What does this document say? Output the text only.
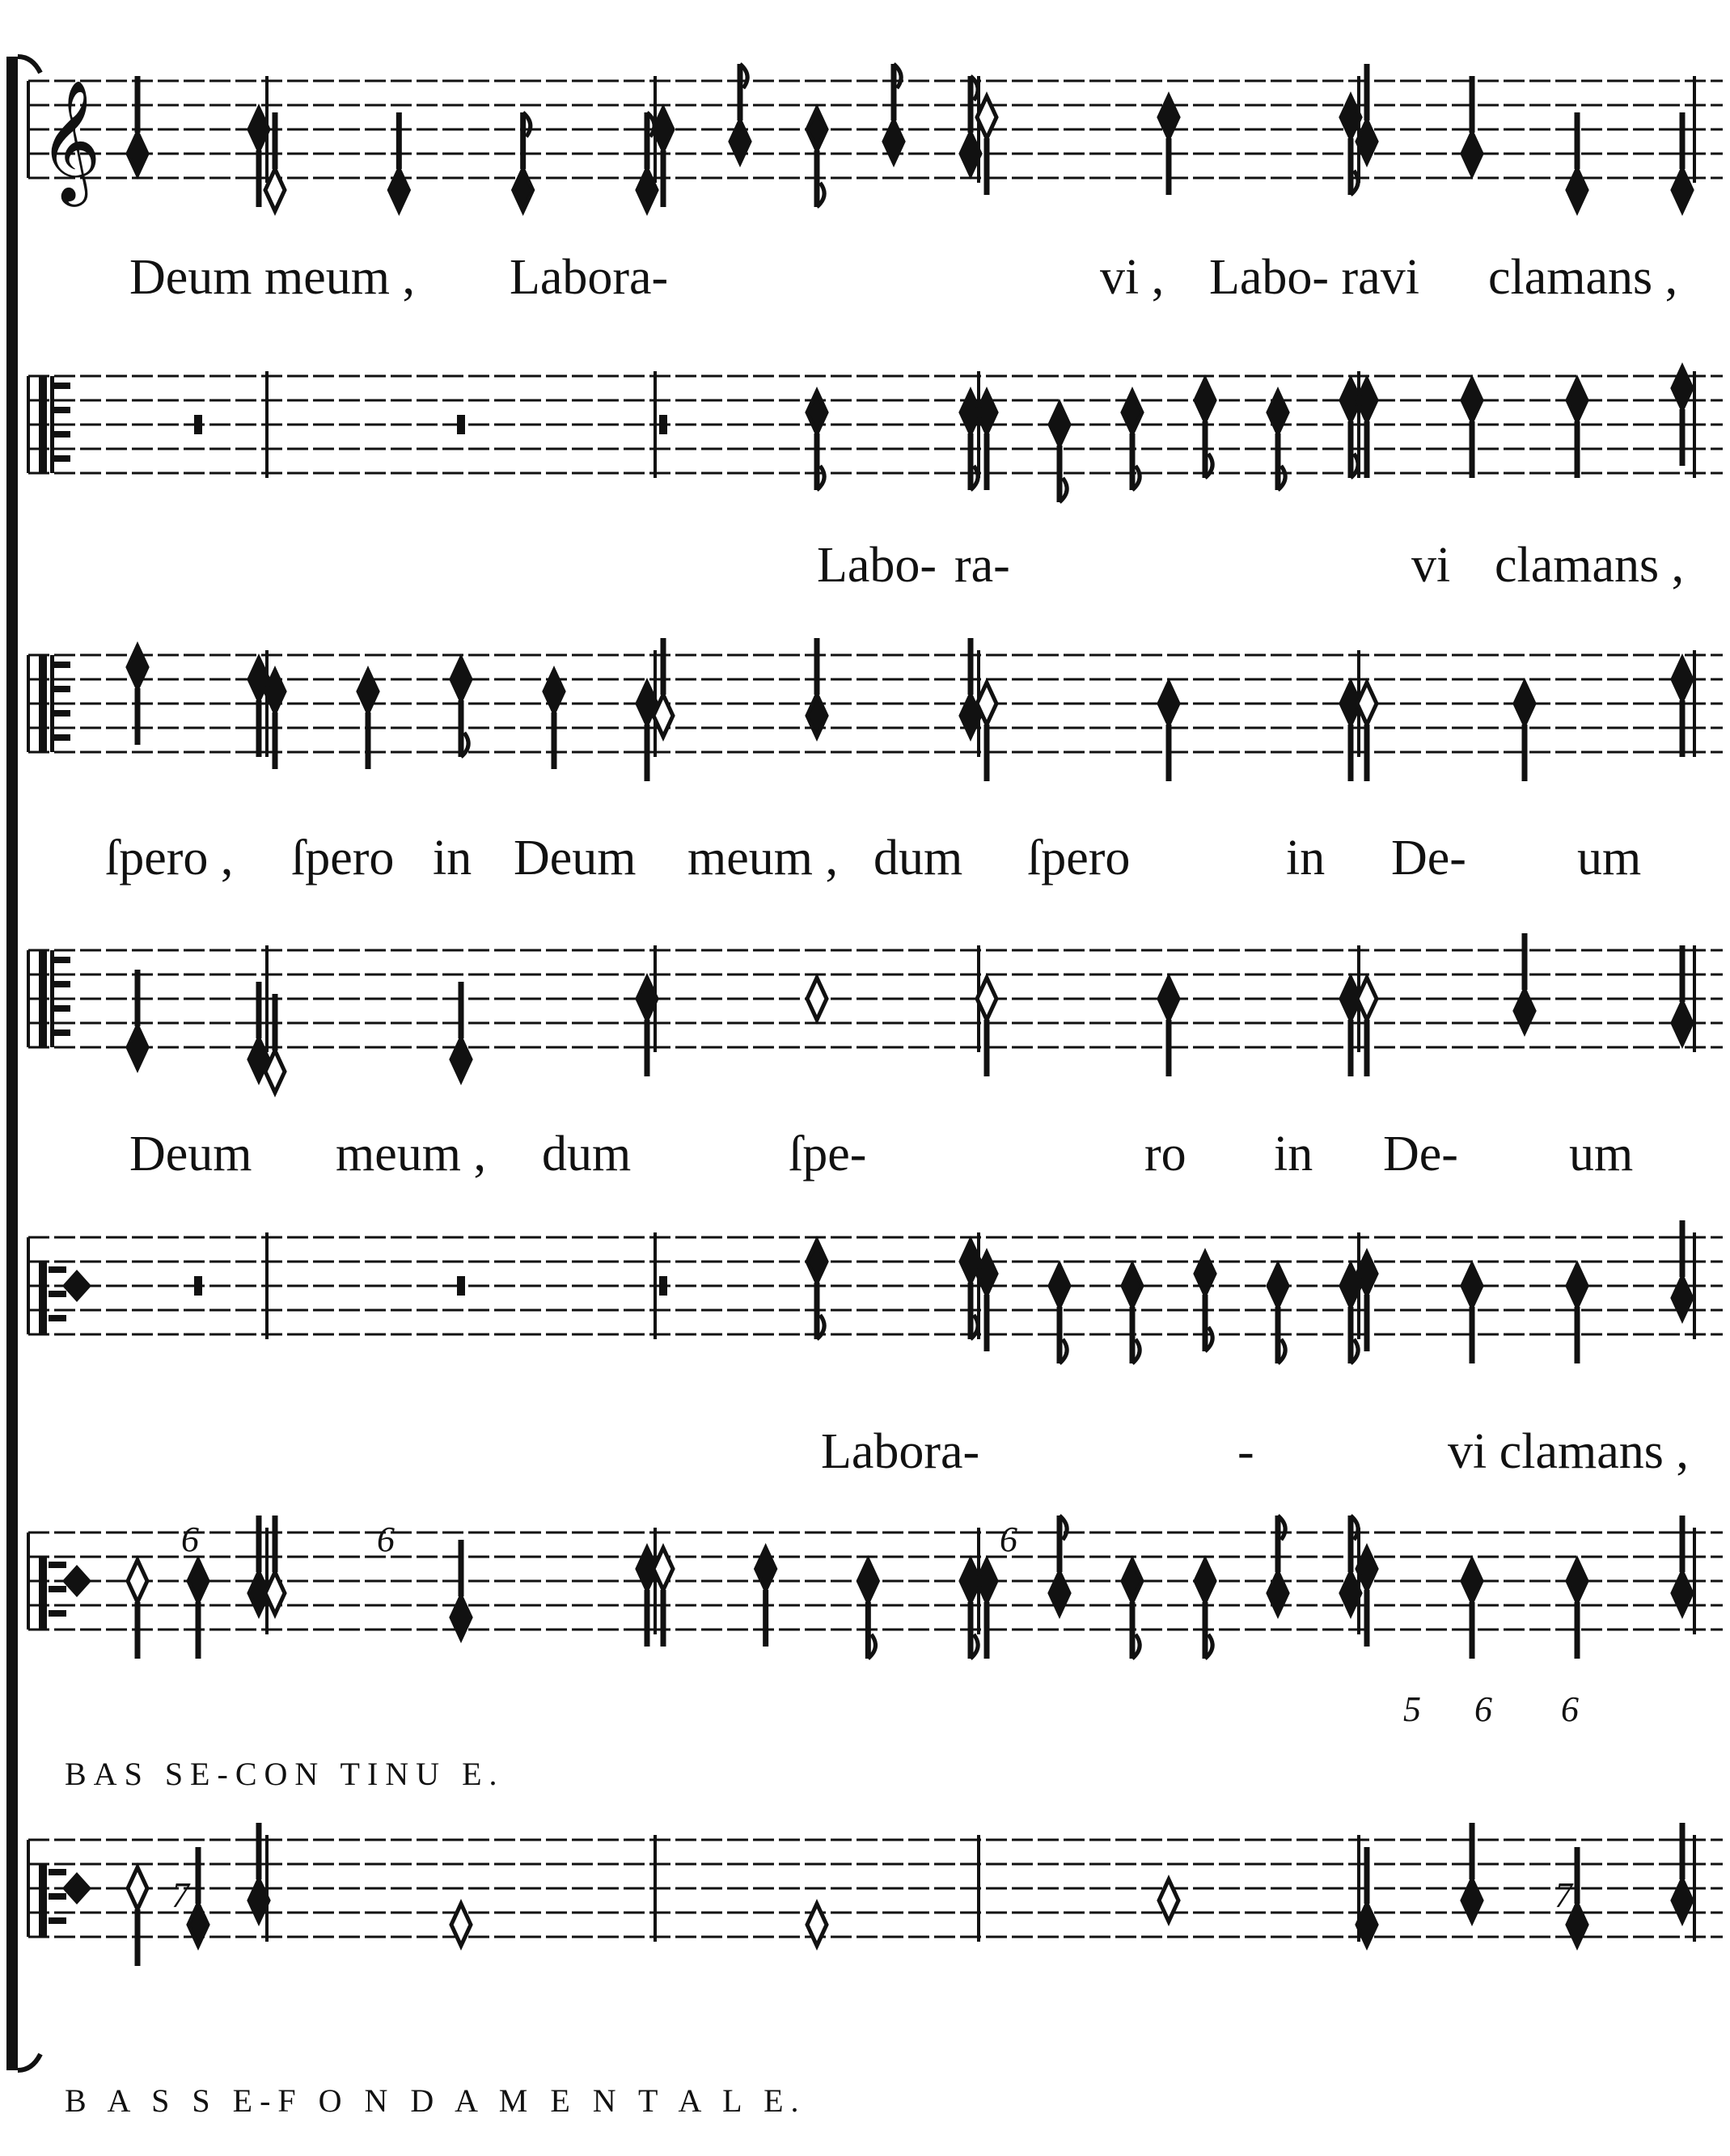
𝄞
Deum meum , Labora-	vi , Labo- ravi clamans ,
Labo- ra-	vi clamans ,
ſpero , ſpero in Deum meum , dum ſpero	in De- um
Deum meum , dum	ſpe-	ro in De- um
Labora-	-	vi clamans ,
6	6	6
5 6 6
BAS SE-CON TINU E.
7	7
B A S S E-F O N D A M E N T A L E.
